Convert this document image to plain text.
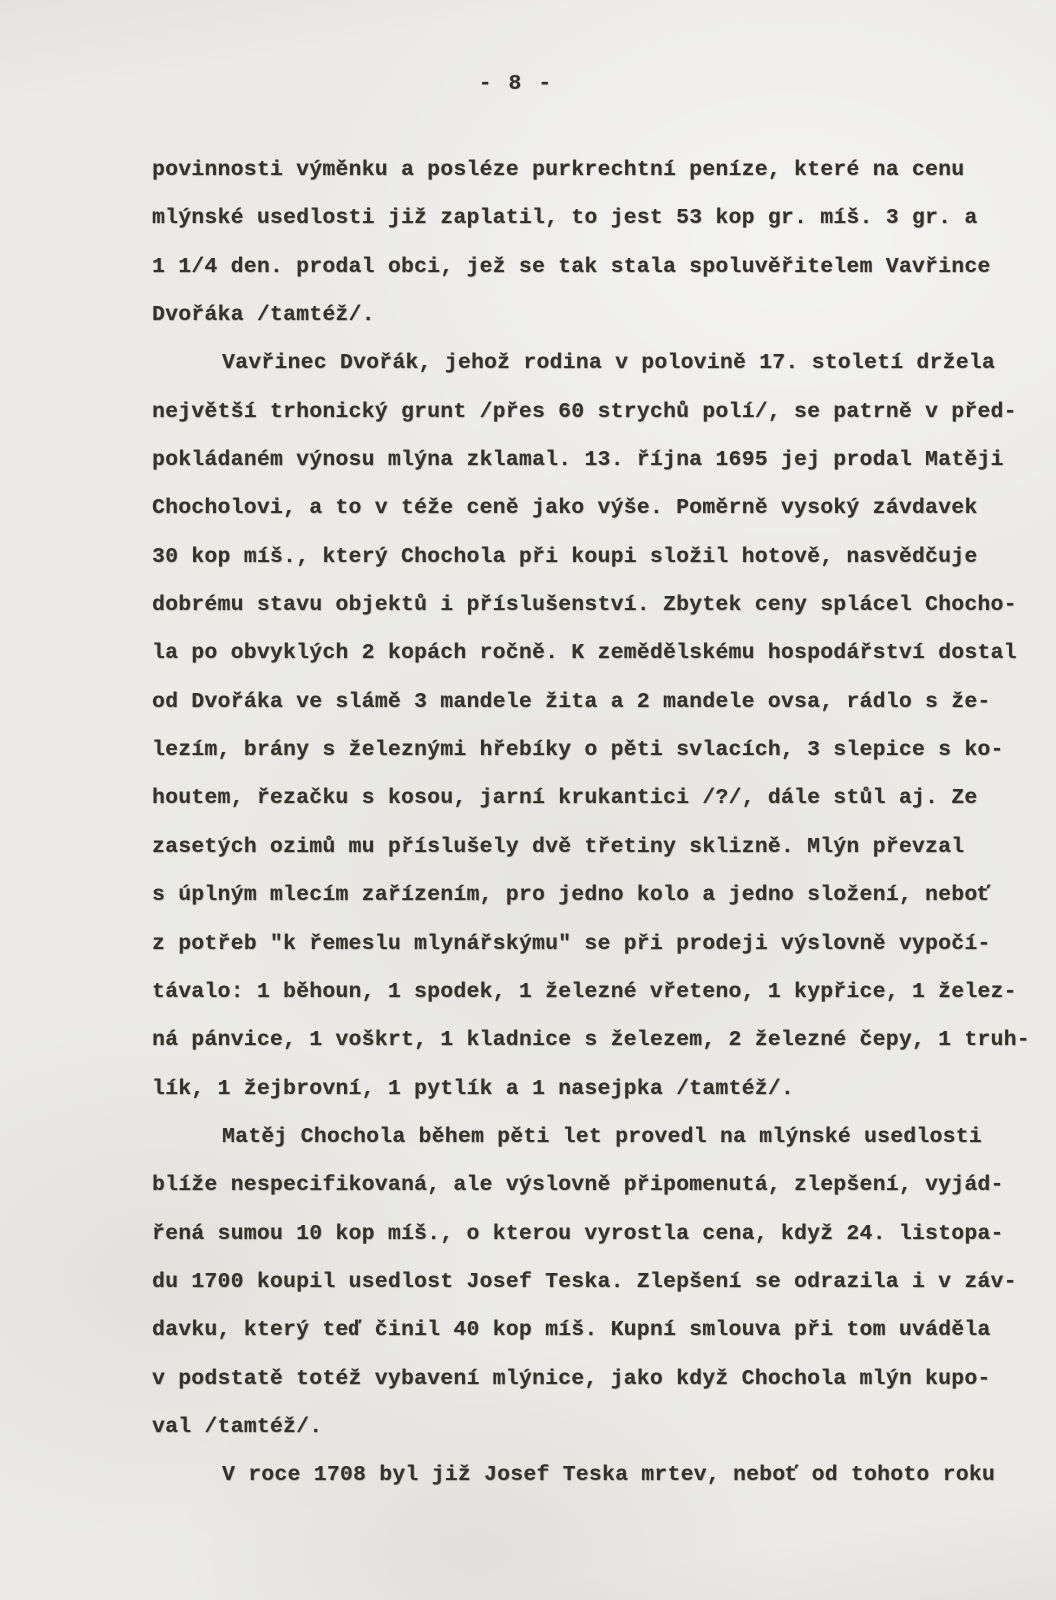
- 8 -

povinnosti výměnku a posléze purkrechtní peníze, které na cenu
mlýnské usedlosti již zaplatil, to jest 53 kop gr. míš. 3 gr. a
1 1/4 den. prodal obci, jež se tak stala spoluvěřitelem Vavřince
Dvořáka /tamtéž/.

Vavřinec Dvořák, jehož rodina v polovině 17. století držela
největší trhonický grunt /přes 60 strychů polí/, se patrně v před-
pokládaném výnosu mlýna zklamal. 13. října 1695 jej prodal Matěji
Chocholovi, a to v téže ceně jako výše. Poměrně vysoký závdavek
30 kop míš., který Chochola při koupi složil hotově, nasvědčuje
dobrému stavu objektů i příslušenství. Zbytek ceny splácel Chocho-
la po obvyklých 2 kopách ročně. K zemědělskému hospodářství dostal
od Dvořáka ve slámě 3 mandele žita a 2 mandele ovsa, rádlo s že-
lezím, brány s železnými hřebíky o pěti svlacích, 3 slepice s ko-
houtem, řezačku s kosou, jarní krukantici /?/, dále stůl aj. Ze
zasetých ozimů mu příslušely dvě třetiny sklizně. Mlýn převzal
s úplným mlecím zařízením, pro jedno kolo a jedno složení, neboť
z potřeb "k řemeslu mlynářskýmu" se při prodeji výslovně vypočí-
távalo: 1 běhoun, 1 spodek, 1 železné vřeteno, 1 kypřice, 1 želez-
ná pánvice, 1 voškrt, 1 kladnice s železem, 2 železné čepy, 1 truh-
lík, 1 žejbrovní, 1 pytlík a 1 nasejpka /tamtéž/.

Matěj Chochola během pěti let provedl na mlýnské usedlosti
blíže nespecifikovaná, ale výslovně připomenutá, zlepšení, vyjád-
řená sumou 10 kop míš., o kterou vyrostla cena, když 24. listopa-
du 1700 koupil usedlost Josef Teska. Zlepšení se odrazila i v záv-
davku, který teď činil 40 kop míš. Kupní smlouva při tom uváděla
v podstatě totéž vybavení mlýnice, jako když Chochola mlýn kupo-
val /tamtéž/.

V roce 1708 byl již Josef Teska mrtev, neboť od tohoto roku
